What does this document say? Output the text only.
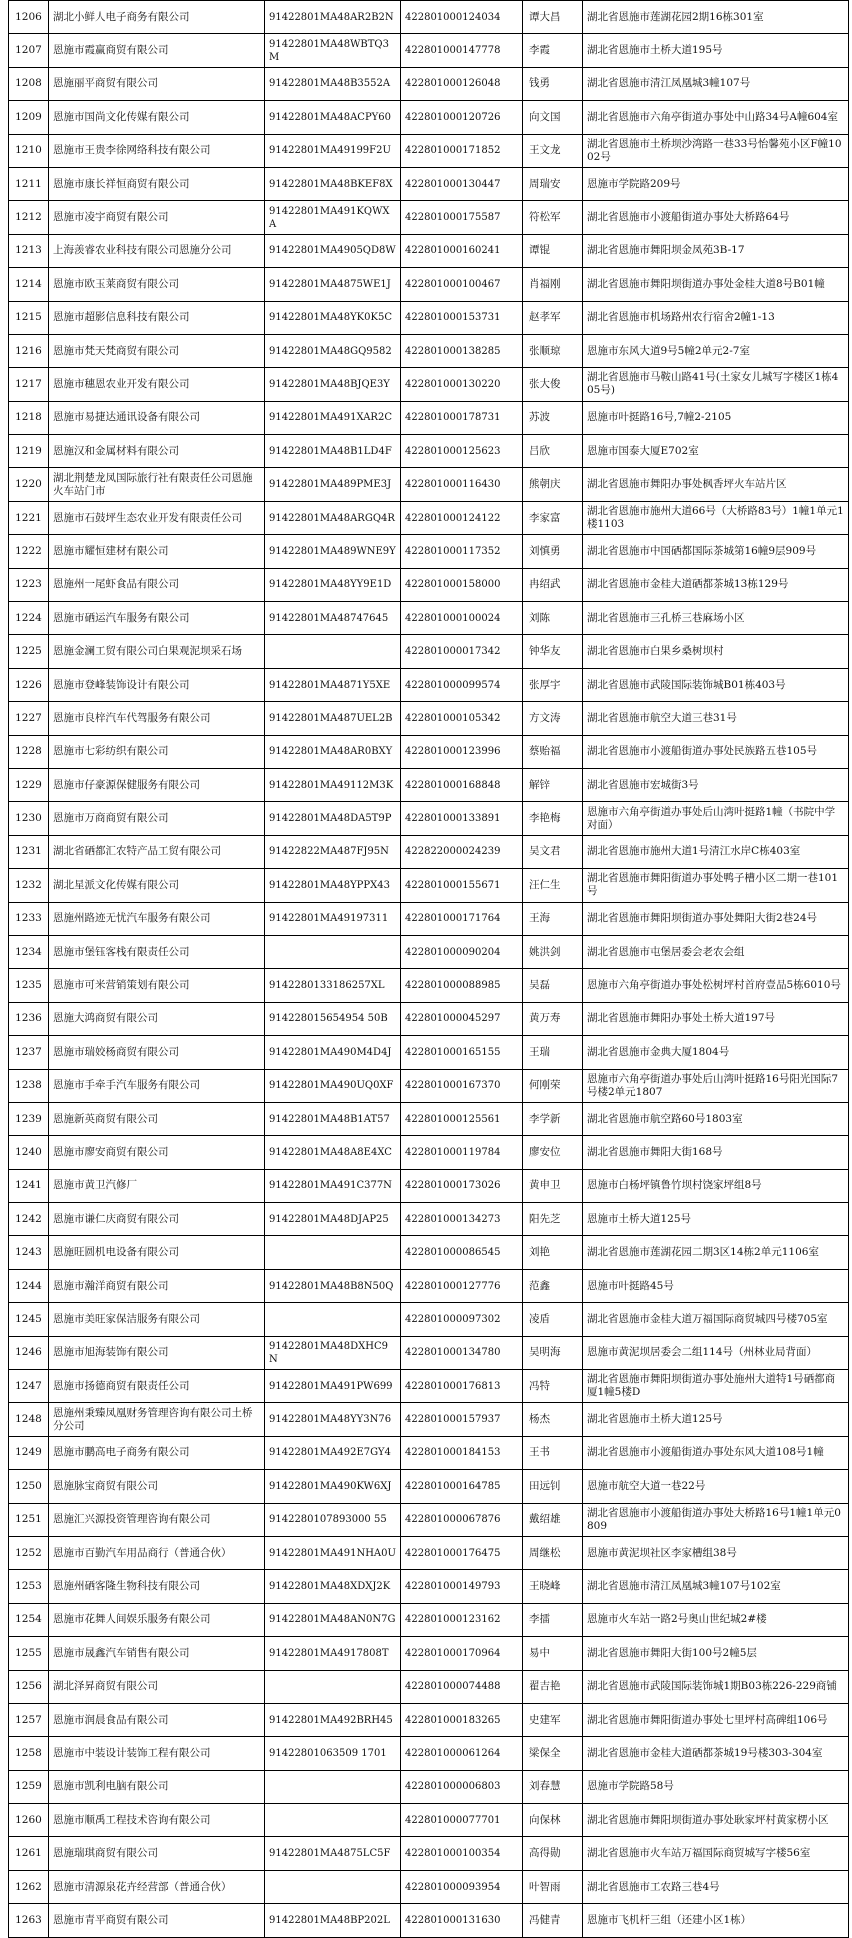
1206	湖北小鲜人电子商务有限公司	91422801MA48AR2B2N	422801000124034	谭大昌	湖北省恩施市莲湖花园2期16栋301室
1207	恩施市霞赢商贸有限公司	91422801MA48WBTQ3M	422801000147778	李霞	湖北省恩施市土桥大道195号
1208	恩施丽平商贸有限公司	91422801MA48B3552A	422801000126048	钱勇	湖北省恩施市清江凤凰城3幢107号
1209	恩施市国尚文化传媒有限公司	91422801MA48ACPY60	422801000120726	向文国	湖北省恩施市六角亭街道办事处中山路34号A幢604室
1210	恩施市王贵李徐网络科技有限公司	91422801MA49199F2U	422801000171852	王文龙	湖北省恩施市土桥坝沙湾路一巷33号怡馨苑小区F幢1002号
1211	恩施市康长祥恒商贸有限公司	91422801MA48BKEF8X	422801000130447	周瑞安	恩施市学院路209号
1212	恩施市凌宇商贸有限公司	91422801MA491KQWXA	422801000175587	符松军	湖北省恩施市小渡船街道办事处大桥路64号
1213	上海羡睿农业科技有限公司恩施分公司	91422801MA4905QD8W	422801000160241	谭锟	湖北省恩施市舞阳坝金凤苑3B-17
1214	恩施市欧玉莱商贸有限公司	91422801MA4875WE1J	422801000100467	肖福刚	湖北省恩施市舞阳坝街道办事处金桂大道8号B01幢
1215	恩施市超影信息科技有限公司	91422801MA48YK0K5C	422801000153731	赵孝军	湖北省恩施市机场路州农行宿舍2幢1-13
1216	恩施市梵天梵商贸有限公司	91422801MA48GQ9582	422801000138285	张顺琼	恩施市东风大道9号5幢2单元2-7室
1217	恩施市穗恩农业开发有限公司	91422801MA48BJQE3Y	422801000130220	张大俊	湖北省恩施市马鞍山路41号(土家女儿城写字楼区1栋405号)
1218	恩施市易捷达通讯设备有限公司	91422801MA491XAR2C	422801000178731	苏波	恩施市叶挺路16号,7幢2-2105
1219	恩施汉和金属材料有限公司	91422801MA48B1LD4F	422801000125623	吕欣	恩施市国泰大厦E702室
1220	湖北荆楚龙凤国际旅行社有限责任公司恩施火车站门市	91422801MA489PME3J	422801000116430	熊朝庆	湖北省恩施市舞阳办事处枫香坪火车站片区
1221	恩施市石鼓坪生态农业开发有限责任公司	91422801MA48ARGQ4R	422801000124122	李家富	湖北省恩施市施州大道66号（大桥路83号）1幢1单元1楼1103
1222	恩施市耀恒建材有限公司	91422801MA489WNE9Y	422801000117352	刘慎勇	湖北省恩施市中国硒都国际茶城第16幢9层909号
1223	恩施州一尾虾食品有限公司	91422801MA48YY9E1D	422801000158000	冉绍武	湖北省恩施市金桂大道硒都茶城13栋129号
1224	恩施市硒运汽车服务有限公司	91422801MA48747645	422801000100024	刘陈	湖北省恩施市三孔桥三巷麻场小区
1225	恩施金澜工贸有限公司白果观泥坝采石场		422801000017342	钟华友	湖北省恩施市白果乡桑树坝村
1226	恩施市登峰装饰设计有限公司	91422801MA4871Y5XE	422801000099574	张厚宇	湖北省恩施市武陵国际装饰城B01栋403号
1227	恩施市良梓汽车代驾服务有限公司	91422801MA487UEL2B	422801000105342	方文涛	湖北省恩施市航空大道三巷31号
1228	恩施市七彩纺织有限公司	91422801MA48AR0BXY	422801000123996	蔡贻福	湖北省恩施市小渡船街道办事处民族路五巷105号
1229	恩施市仔豪源保健服务有限公司	91422801MA49112M3K	422801000168848	解锌	湖北省恩施市宏城街3号
1230	恩施市万商商贸有限公司	91422801MA48DA5T9P	422801000133891	李艳梅	恩施市六角亭街道办事处后山湾叶挺路1幢（书院中学对面）
1231	湖北省硒都汇农特产品工贸有限公司	91422822MA487FJ95N	422822000024239	吴文君	湖北省恩施市施州大道1号清江水岸C栋403室
1232	湖北星派文化传媒有限公司	91422801MA48YPPX43	422801000155671	汪仁生	湖北省恩施市舞阳街道办事处鸭子槽小区二期一巷101号
1233	恩施州路迹无忧汽车服务有限公司	91422801MA49197311	422801000171764	王海	湖北省恩施市舞阳坝街道办事处舞阳大街2巷24号
1234	恩施市堡钰客栈有限责任公司		422801000090204	姚洪剑	湖北省恩施市屯堡居委会老农会组
1235	恩施市可米营销策划有限公司	9142280133186257XL	422801000088985	吴磊	恩施市六角亭街道办事处松树坪村首府壹品5栋6010号
1236	恩施大鸿商贸有限公司	914228015654954 50B	422801000045297	黄万寿	湖北省恩施市舞阳办事处土桥大道197号
1237	恩施市瑞姣杨商贸有限公司	91422801MA490M4D4J	422801000165155	王瑞	湖北省恩施市金典大厦1804号
1238	恩施市手牵手汽车服务有限公司	91422801MA490UQ0XF	422801000167370	何刚荣	恩施市六角亭街道办事处后山湾叶挺路16号阳光国际7号楼2单元1807
1239	恩施新英商贸有限公司	91422801MA48B1AT57	422801000125561	李学新	湖北省恩施市航空路60号1803室
1240	恩施市廖安商贸有限公司	91422801MA48A8E4XC	422801000119784	廖安位	湖北省恩施市舞阳大街168号
1241	恩施市黄卫汽修厂	91422801MA491C377N	422801000173026	黄申卫	恩施市白杨坪镇鲁竹坝村饶家坪组8号
1242	恩施市谦仁庆商贸有限公司	91422801MA48DJAP25	422801000134273	阳先芝	恩施市土桥大道125号
1243	恩施旺圆机电设备有限公司		422801000086545	刘艳	湖北省恩施市莲湖花园二期3区14栋2单元1106室
1244	恩施市瀚洋商贸有限公司	91422801MA48B8N50Q	422801000127776	范鑫	恩施市叶挺路45号
1245	恩施市美旺家保洁服务有限公司		422801000097302	凌盾	湖北省恩施市金桂大道万福国际商贸城四号楼705室
1246	恩施市旭海装饰有限公司	91422801MA48DXHC9N	422801000134780	吴明海	恩施市黄泥坝居委会二组114号（州林业局背面）
1247	恩施市扬德商贸有限责任公司	91422801MA491PW699	422801000176813	冯特	湖北省恩施市舞阳坝街道办事处施州大道特1号硒都商厦1幢5楼D
1248	恩施州秉臻凤凰财务管理咨询有限公司土桥分公司	91422801MA48YY3N76	422801000157937	杨杰	湖北省恩施市土桥大道125号
1249	恩施市鹏高电子商务有限公司	91422801MA492E7GY4	422801000184153	王书	湖北省恩施市小渡船街道办事处东风大道108号1幢
1250	恩施脉宝商贸有限公司	91422801MA490KW6XJ	422801000164785	田远钊	恩施市航空大道一巷22号
1251	恩施汇兴源投资管理咨询有限公司	9142280107893000 55	422801000067876	戴绍雄	湖北省恩施市小渡船街道办事处大桥路16号1幢1单元0809
1252	恩施市百勤汽车用品商行（普通合伙）	91422801MA491NHA0U	422801000176475	周继松	恩施市黄泥坝社区李家槽组38号
1253	恩施州硒客隆生物科技有限公司	91422801MA48XDXJ2K	422801000149793	王晓峰	湖北省恩施市清江凤凰城3幢107号102室
1254	恩施市花舞人间娱乐服务有限公司	91422801MA48AN0N7G	422801000123162	李擂	恩施市火车站一路2号奥山世纪城2#楼
1255	恩施市晟鑫汽车销售有限公司	91422801MA4917808T	422801000170964	易中	湖北省恩施市舞阳大街100号2幢5层
1256	湖北泽昇商贸有限公司		422801000074488	翟吉艳	湖北省恩施市武陵国际装饰城1期B03栋226-229商铺
1257	恩施市润晨食品有限公司	91422801MA492BRH45	422801000183265	史建军	湖北省恩施市舞阳街道办事处七里坪村高碑组106号
1258	恩施市中装设计装饰工程有限公司	91422801063509 1701	422801000061264	梁保全	湖北省恩施市金桂大道硒都茶城19号楼303-304室
1259	恩施市凯利电脑有限公司		422801000006803	刘春慧	恩施市学院路58号
1260	恩施市顺禹工程技术咨询有限公司		422801000077701	向保林	湖北省恩施市舞阳坝街道办事处耿家坪村黄家楞小区
1261	恩施瑞琪商贸有限公司	91422801MA4875LC5F	422801000100354	高得勋	湖北省恩施市火车站万福国际商贸城写字楼56室
1262	恩施市清源泉花卉经营部（普通合伙）		422801000093954	叶智雨	湖北省恩施市工农路三巷4号
1263	恩施市青平商贸有限公司	91422801MA48BP202L	422801000131630	冯健青	恩施市飞机杆三组（还建小区1栋）
